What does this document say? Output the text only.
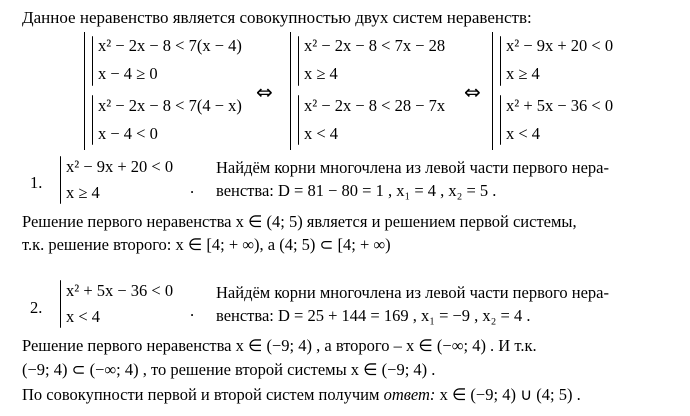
Данное неравенство является совокупностью двух систем неравенств:
x² − 2x − 8 < 7(x − 4)
x − 4 ≥ 0
x² − 2x − 8 < 7(4 − x)
x − 4 < 0
⇔
x² − 2x − 8 < 7x − 28
x ≥ 4
x² − 2x − 8 < 28 − 7x
x < 4
⇔
x² − 9x + 20 < 0
x ≥ 4
x² + 5x − 36 < 0
x < 4
1.
x² − 9x + 20 < 0
x ≥ 4	.
Найдём корни многочлена из левой части первого нера-
венства: D = 81 − 80 = 1 , x₁ = 4 , x₂ = 5 .
Решение первого неравенства x ∈ (4; 5) является и решением первой системы,
т.к. решение второго: x ∈ [4; + ∞), а (4; 5) ⊂ [4; + ∞)
2.
x² + 5x − 36 < 0
x < 4	.
Найдём корни многочлена из левой части первого нера-
венства: D = 25 + 144 = 169 , x₁ = −9 , x₂ = 4 .
Решение первого неравенства x ∈ (−9; 4) , а второго – x ∈ (−∞; 4) . И т.к.
(−9; 4) ⊂ (−∞; 4) , то решение второй системы x ∈ (−9; 4) .
По совокупности первой и второй систем получим ответ: x ∈ (−9; 4) ∪ (4; 5) .
